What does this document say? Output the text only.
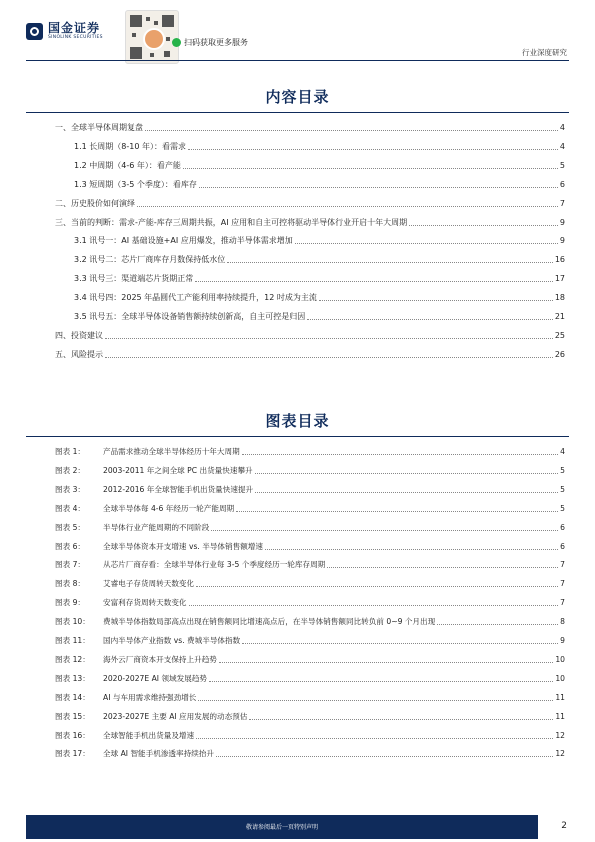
国金证券
SINOLINK SECURITIES
扫码获取更多服务
行业深度研究
内容目录
一、全球半导体周期复盘	4
1.1 长周期（8-10 年）：看需求	4
1.2 中周期（4-6 年）：看产能	5
1.3 短周期（3-5 个季度）：看库存	6
二、历史股价如何演绎	7
三、当前的判断：需求-产能-库存三周期共振，AI 应用和自主可控将驱动半导体行业开启十年大周期	9
3.1 讯号一：AI 基础设施+AI 应用爆发，推动半导体需求增加	9
3.2 讯号二：芯片厂商库存月数保持低水位	16
3.3 讯号三：渠道端芯片货期正常	17
3.4 讯号四：2025 年晶圆代工产能利用率持续提升，12 吋成为主流	18
3.5 讯号五：全球半导体设备销售额持续创新高，自主可控是归因	21
四、投资建议	25
五、风险提示	26
图表目录
图表 1：	产品需求推动全球半导体经历十年大周期	4
图表 2：	2003-2011 年之间全球 PC 出货量快速攀升	5
图表 3：	2012-2016 年全球智能手机出货量快速提升	5
图表 4：	全球半导体每 4-6 年经历一轮产能周期	5
图表 5：	半导体行业产能周期的不同阶段	6
图表 6：	全球半导体资本开支增速 vs. 半导体销售额增速	6
图表 7：	从芯片厂商存看：全球半导体行业每 3-5 个季度经历一轮库存周期	7
图表 8：	艾睿电子存货周转天数变化	7
图表 9：	安富利存货周转天数变化	7
图表 10：	费城半导体指数局部高点出现在销售额同比增速高点后，在半导体销售额同比转负前 0~9 个月出现	8
图表 11：	国内半导体产业指数 vs. 费城半导体指数	9
图表 12：	海外云厂商资本开支保持上升趋势	10
图表 13：	2020-2027E AI 领域发展趋势	10
图表 14：	AI 与车用需求维持强劲增长	11
图表 15：	2023-2027E 主要 AI 应用发展的动态预估	11
图表 16：	全球智能手机出货量及增速	12
图表 17：	全球 AI 智能手机渗透率持续抬升	12
敬请参阅最后一页特别声明	2
